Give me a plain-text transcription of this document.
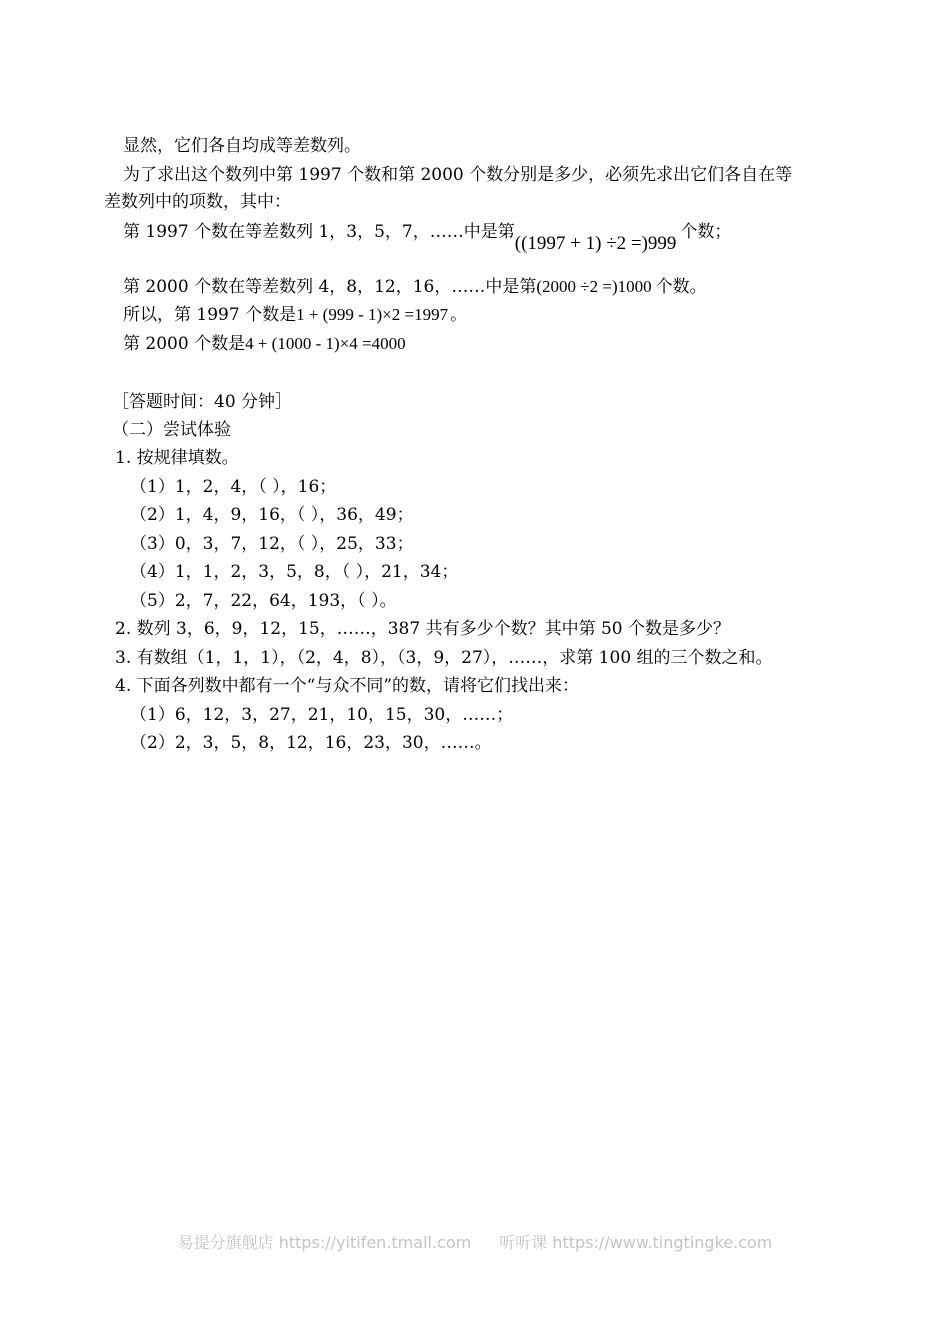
显然，它们各自均成等差数列。
为了求出这个数列中第 1997 个数和第 2000 个数分别是多少，必须先求出它们各自在等
差数列中的项数，其中：
第 1997 个数在等差数列 1，3，5，7，……中是第((1997 + 1) ÷2 =)999个数；
第 2000 个数在等差数列 4，8，12，16，……中是第(2000 ÷2 =)1000 个数。
所以，第 1997 个数是1 + (999 - 1)×2 =1997 。
第 2000 个数是4 + (1000 - 1)×4 =4000
［答题时间：40 分钟］
（二）尝试体验
1. 按规律填数。
（1）1，2，4，（ ），16；
（2）1，4，9，16，（ ），36，49；
（3）0，3，7，12，（ ），25，33；
（4）1，1，2，3，5，8，（ ），21，34；
（5）2，7，22，64，193，（ ）。
2. 数列 3，6，9，12，15，……，387 共有多少个数？其中第 50 个数是多少？
3. 有数组（1，1，1），（2，4，8），（3，9，27），……，求第 100 组的三个数之和。
4. 下面各列数中都有一个“与众不同”的数，请将它们找出来：
（1）6，12，3，27，21，10，15，30，……；
（2）2，3，5，8，12，16，23，30，……。
易提分旗舰店 https://yitifen.tmall.com 听听课 https://www.tingtingke.com
